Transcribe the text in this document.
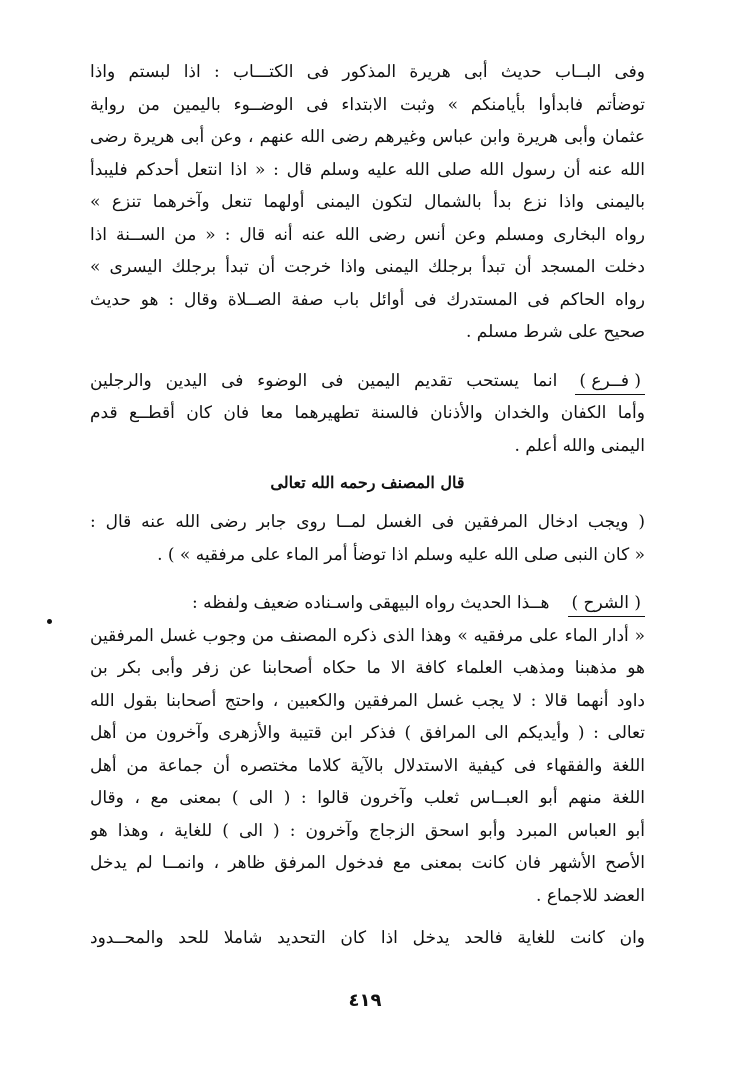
وفى البــاب حديث أبى هريرة المذكور فى الكتـــاب : اذا لبستم واذا
توضأتم فابدأوا بأيامنكم » وثبت الابتداء فى الوضــوء باليمين من رواية
عثمان وأبى هريرة وابن عباس وغيرهم رضى الله عنهم ، وعن أبى هريرة رضى
الله عنه أن رسول الله صلى الله عليه وسلم قال : « اذا انتعل أحدكم فليبدأ
باليمنى واذا نزع بدأ بالشمال لتكون اليمنى أولهما تنعل وآخرهما تنزع »
رواه البخارى ومسلم وعن أنس رضى الله عنه أنه قال : « من الســنة اذا
دخلت المسجد أن تبدأ برجلك اليمنى واذا خرجت أن تبدأ برجلك اليسرى »
رواه الحاكم فى المستدرك فى أوائل باب صفة الصــلاة وقال : هو حديث
صحيح على شرط مسلم .
( فــرع )انما يستحب تقديم اليمين فى الوضوء فى اليدين والرجلين
وأما الكفان والخدان والأذنان فالسنة تطهيرهما معا فان كان أقطــع قدم
اليمنى والله أعلم .
قال المصنف رحمه الله تعالى
( ويجب ادخال المرفقين فى الغسل لمــا روى جابر رضى الله عنه قال :
« كان النبى صلى الله عليه وسلم اذا توضأ أمر الماء على مرفقيه » ) .
( الشرح )هــذا الحديث رواه البيهقى واسـناده ضعيف ولفظه :
« أدار الماء على مرفقيه » وهذا الذى ذكره المصنف من وجوب غسل المرفقين
هو مذهبنا ومذهب العلماء كافة الا ما حكاه أصحابنا عن زفر وأبى بكر بن
داود أنهما قالا : لا يجب غسل المرفقين والكعبين ، واحتج أصحابنا بقول الله
تعالى : ( وأيديكم الى المرافق ) فذكر ابن قتيبة والأزهرى وآخرون من أهل
اللغة والفقهاء فى كيفية الاستدلال بالآية كلاما مختصره أن جماعة من أهل
اللغة منهم أبو العبــاس ثعلب وآخرون قالوا : ( الى ) بمعنى مع ، وقال
أبو العباس المبرد وأبو اسحق الزجاج وآخرون : ( الى ) للغاية ، وهذا هو
الأصح الأشهر فان كانت بمعنى مع فدخول المرفق ظاهر ، وانمــا لم يدخل
العضد للاجماع .
وان كانت للغاية فالحد يدخل اذا كان التحديد شاملا للحد والمحــدود
٤١٩
